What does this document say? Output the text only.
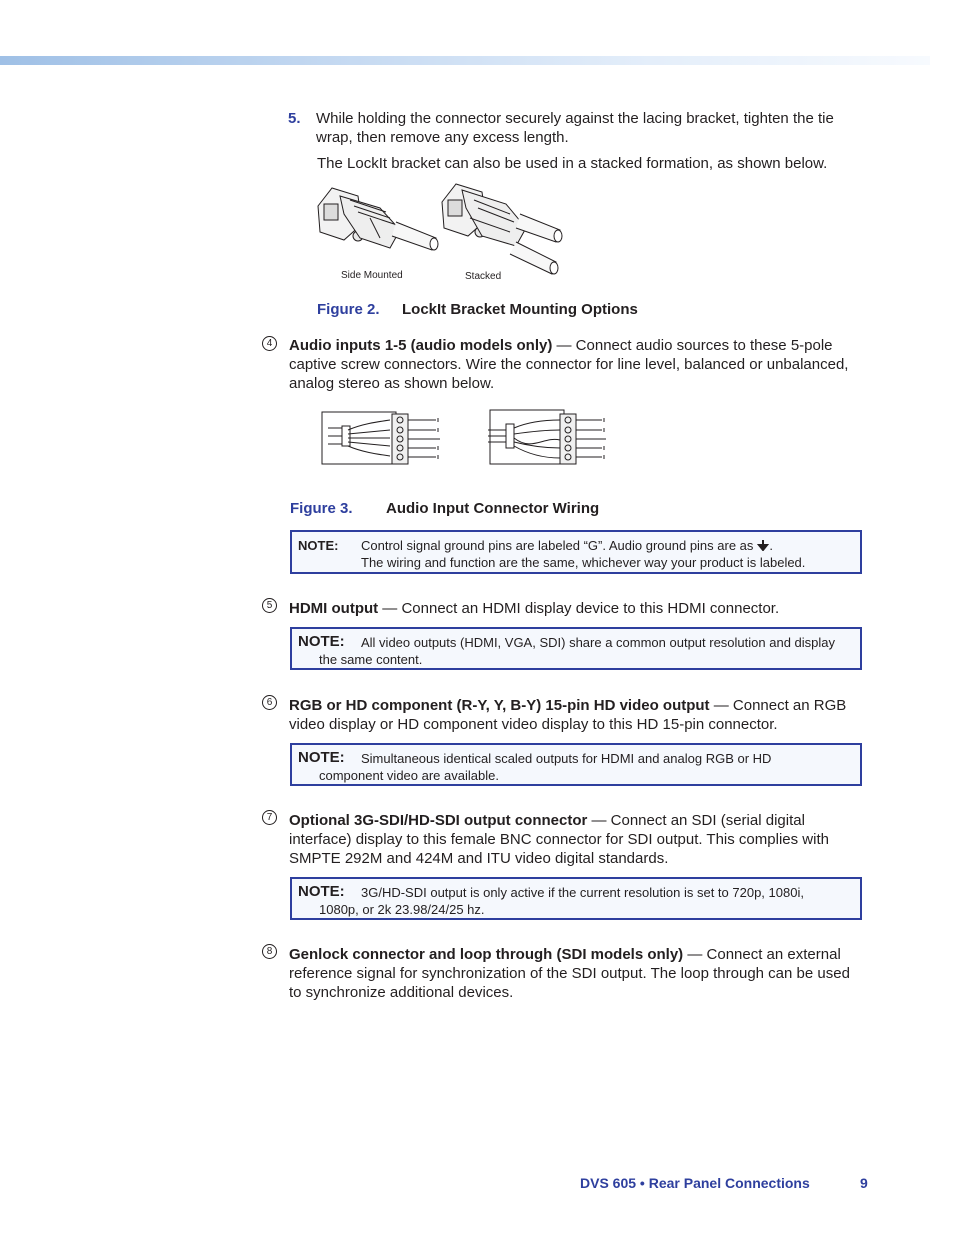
5. While holding the connector securely against the lacing bracket, tighten the tie
wrap, then remove any excess length.
The LockIt bracket can also be used in a stacked formation, as shown below.
Side Mounted	Stacked
Figure 2. LockIt Bracket Mounting Options
4	Audio inputs 1-5 (audio models only) — Connect audio sources to these 5-pole
captive screw connectors. Wire the connector for line level, balanced or unbalanced,
analog stereo as shown below.
Figure 3. Audio Input Connector Wiring
NOTE: Control signal ground pins are labeled “G”. Audio ground pins are as .
The wiring and function are the same, whichever way your product is labeled.
5	HDMI output — Connect an HDMI display device to this HDMI connector.
NOTE: All video outputs (HDMI, VGA, SDI) share a common output resolution and display
the same content.
6	RGB or HD component (R-Y, Y, B-Y) 15-pin HD video output — Connect an RGB
video display or HD component video display to this HD 15-pin connector.
NOTE: Simultaneous identical scaled outputs for HDMI and analog RGB or HD
component video are available.
7	Optional 3G-SDI/HD-SDI output connector — Connect an SDI (serial digital
interface) display to this female BNC connector for SDI output. This complies with
SMPTE 292M and 424M and ITU video digital standards.
NOTE: 3G/HD-SDI output is only active if the current resolution is set to 720p, 1080i,
1080p, or 2k 23.98/24/25 hz.
8	Genlock connector and loop through (SDI models only) — Connect an external
reference signal for synchronization of the SDI output. The loop through can be used
to synchronize additional devices.
DVS 605 • Rear Panel Connections	9
